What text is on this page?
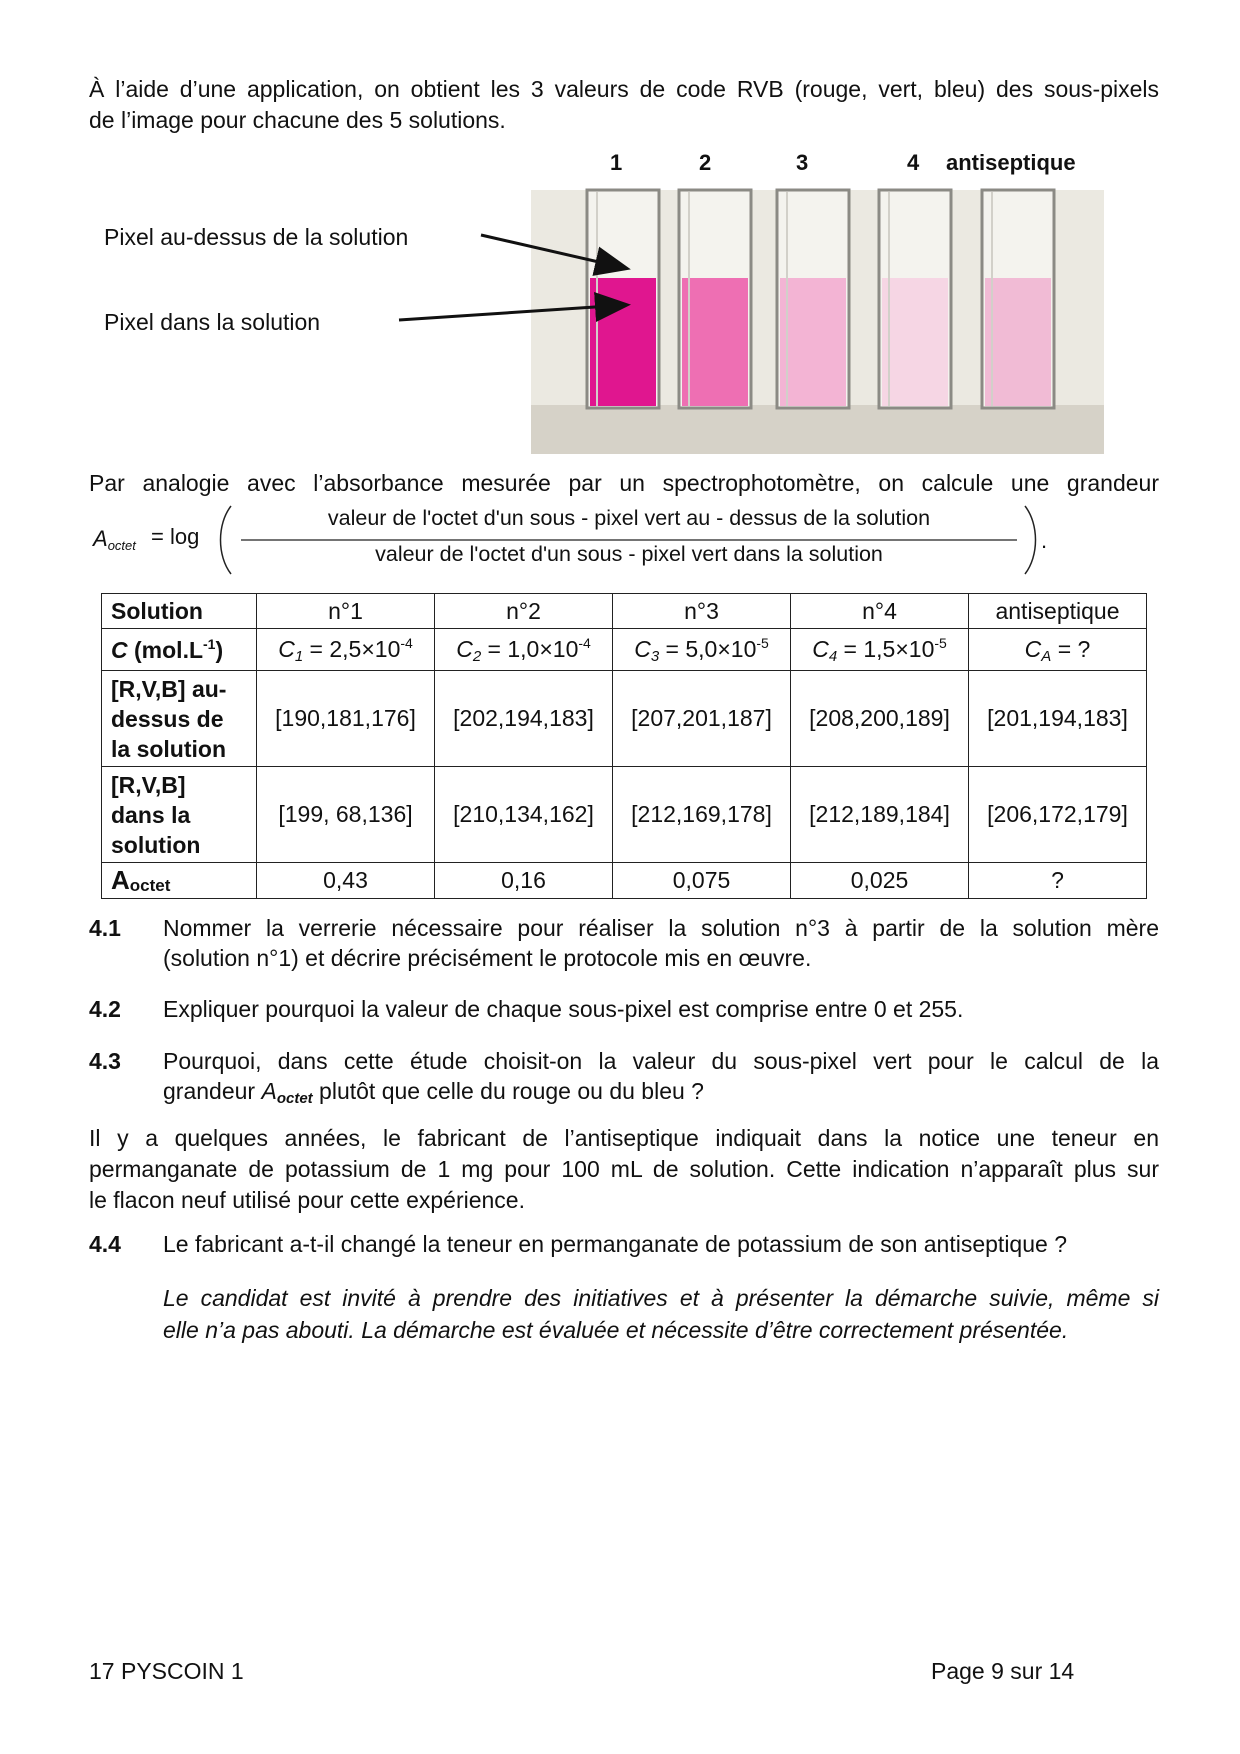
À l’aide d’une application, on obtient les 3 valeurs de code RVB (rouge, vert, bleu) des sous-pixels
de l’image pour chacune des 5 solutions.
1	2	3	4 antiseptique
Pixel au-dessus de la solution
Pixel dans la solution
Par analogie avec l’absorbance mesurée par un spectrophotomètre, on calcule une grandeur
$A_{octet} = \log$
valeur de l'octet d'un sous - pixel vert au - dessus de la solution
valeur de l'octet d'un sous - pixel vert dans la solution
.
Solution	n°1	n°2	n°3	n°4	antiseptique
C $(mol.L^{-1})$	$C_1 = 2,5\times 10^{-4}$	$C_2 = 1,0\times 10^{-4}$	$C_3 = 5,0\times 10^{-5}$	$C_4 = 1,5\times 10^{-5}$	$C_A$ = ?
[R,V,B] au-
dessus de
la solution	[190,181,176]	[202,194,183]	[207,201,187]	[208,200,189]	[201,194,183]
[R,V,B]
dans la
solution	[199, 68,136]	[210,134,162]	[212,169,178]	[212,189,184]	[206,172,179]
$A_{octet}$	0,43	0,16	0,075	0,025	?
4.1 Nommer la verrerie nécessaire pour réaliser la solution n°3 à partir de la solution mère
(solution n°1) et décrire précisément le protocole mis en œuvre.
4.2 Expliquer pourquoi la valeur de chaque sous-pixel est comprise entre 0 et 255.
4.3 Pourquoi, dans cette étude choisit-on la valeur du sous-pixel vert pour le calcul de la
grandeur $A_{octet}$ plutôt que celle du rouge ou du bleu ?
Il y a quelques années, le fabricant de l’antiseptique indiquait dans la notice une teneur en
permanganate de potassium de 1 mg pour 100 mL de solution. Cette indication n’apparaît plus sur
le flacon neuf utilisé pour cette expérience.
4.4 Le fabricant a-t-il changé la teneur en permanganate de potassium de son antiseptique ?
Le candidat est invité à prendre des initiatives et à présenter la démarche suivie, même si
elle n’a pas abouti. La démarche est évaluée et nécessite d’être correctement présentée.
17 PYSCOIN 1	Page 9 sur 14
